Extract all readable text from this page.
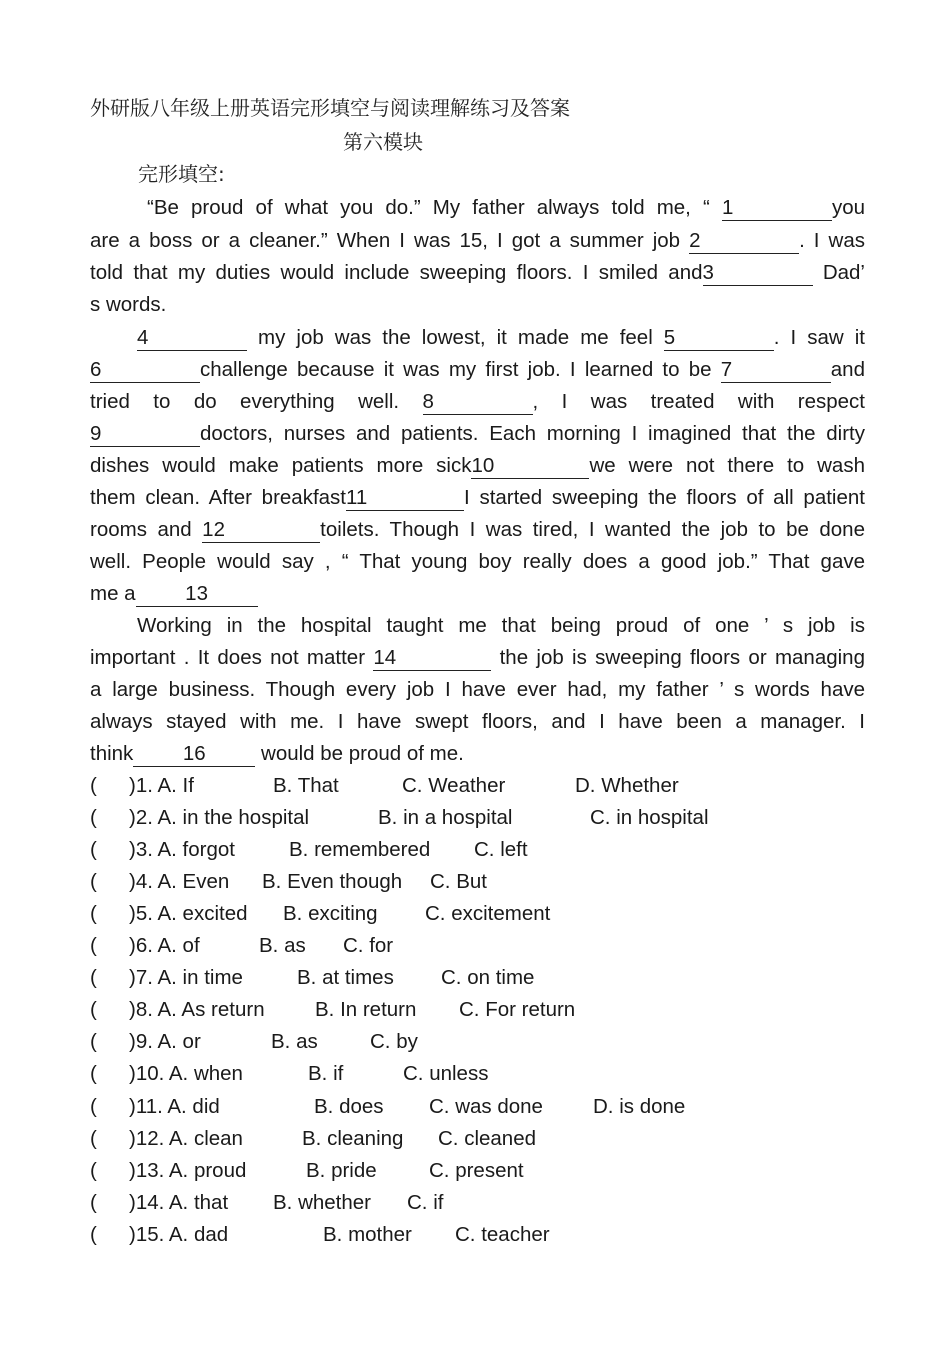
外研版八年级上册英语完形填空与阅读理解练习及答案
第六模块
完形填空:
“Be proud of what you do.” My father always told me, “ 1	you
are a boss or a cleaner.” When I was 15, I got a summer job 2	. I was
told that my duties would include sweeping floors. I smiled and3	Dad’
s words.
4	my job was the lowest, it made me feel 5	. I saw it
6	challenge because it was my first job. I learned to be 7	and
tried to do everything well. 8	, I was treated with respect
9	doctors, nurses and patients. Each morning I imagined that the dirty
dishes would make patients more sick10	we were not there to wash
them clean. After breakfast11	I started sweeping the floors of all patient
rooms and 12	toilets. Though I was tired, I wanted the job to be done
well. People would say , “ That young boy really does a good job.” That gave
me a 13
Working in the hospital taught me that being proud of one ’ s job is
important . It does not matter 14	the job is sweeping floors or managing
a large business. Though every job I have ever had, my father ’ s words have
always stayed with me. I have swept floors, and I have been a manager. I
think 16 would be proud of me.
( )1. A. If	B. That	C. Weather	D. Whether
( )2. A. in the hospital	B. in a hospital	C. in hospital
( )3. A. forgot	B. remembered C. left
( )4. A. Even B. Even though C. But
( )5. A. excited B. exciting C. excitement
( )6. A. of	B. as C. for
( )7. A. in time	B. at times C. on time
( )8. A. As return B. In return C. For return
( )9. A. or	B. as	C. by
( )10. A. when	B. if	C. unless
( )11. A. did	B. does C. was done D. is done
( )12. A. clean	B. cleaning C. cleaned
( )13. A. proud	B. pride	C. present
( )14. A. that B. whether C. if
( )15. A. dad	B. mother C. teacher
